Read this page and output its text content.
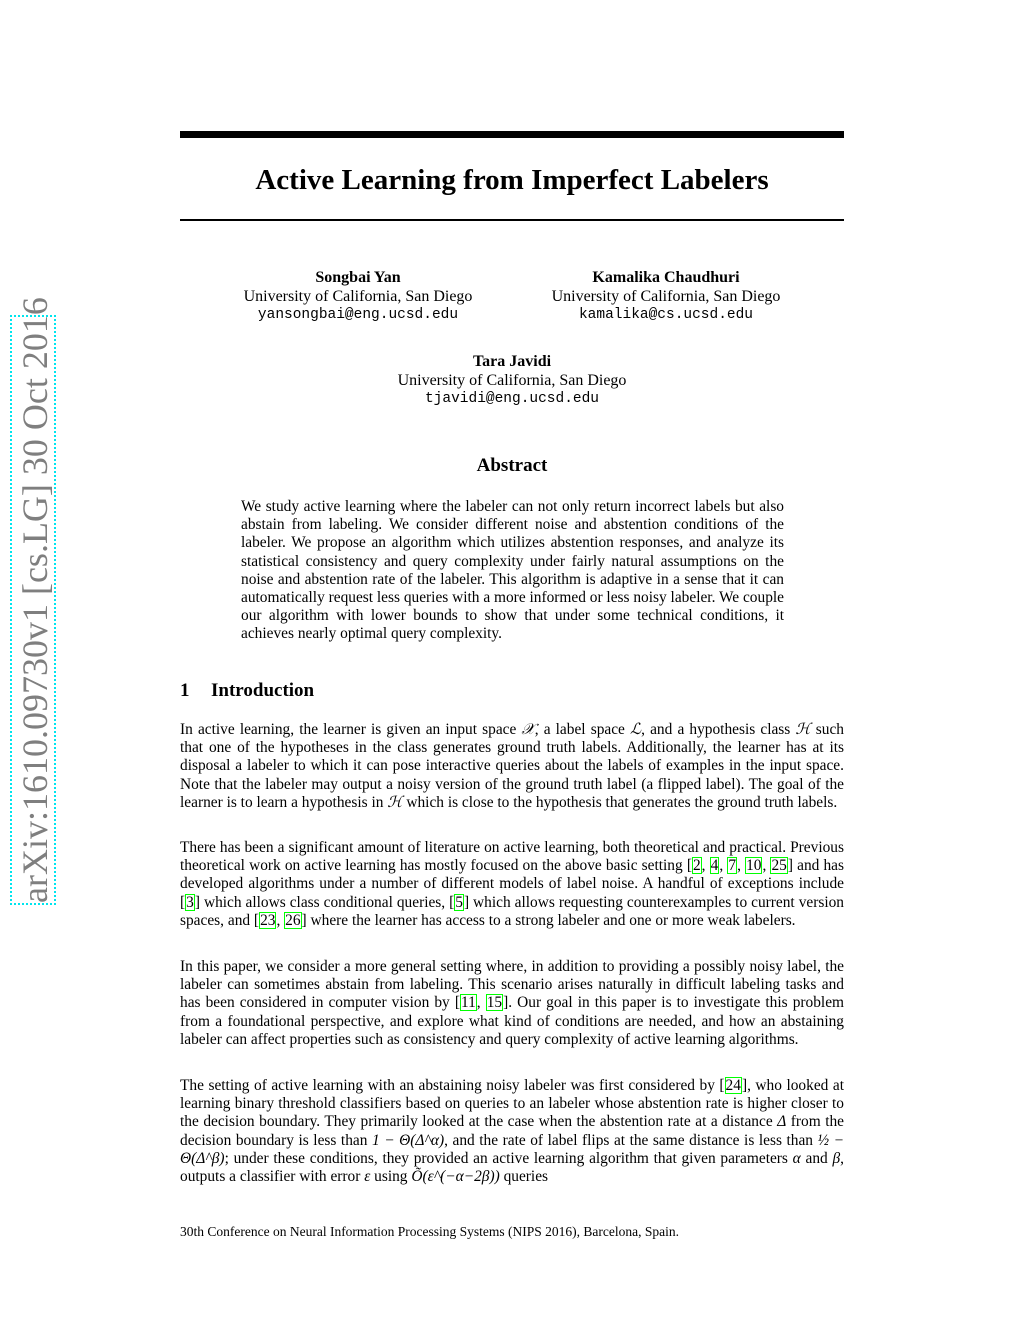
arXiv:1610.09730v1 [cs.LG] 30 Oct 2016
Active Learning from Imperfect Labelers
Songbai Yan
University of California, San Diego
yansongbai@eng.ucsd.edu
Kamalika Chaudhuri
University of California, San Diego
kamalika@cs.ucsd.edu
Tara Javidi
University of California, San Diego
tjavidi@eng.ucsd.edu
Abstract

We study active learning where the labeler can not only return incorrect labels but also abstain from labeling. We consider different noise and abstention conditions of the labeler. We propose an algorithm which utilizes abstention responses, and analyze its statistical consistency and query complexity under fairly natural assumptions on the noise and abstention rate of the labeler. This algorithm is adaptive in a sense that it can automatically request less queries with a more informed or less noisy labeler. We couple our algorithm with lower bounds to show that under some technical conditions, it achieves nearly optimal query complexity.

1 Introduction

In active learning, the learner is given an input space 𝒳, a label space ℒ, and a hypothesis class ℋ such that one of the hypotheses in the class generates ground truth labels. Additionally, the learner has at its disposal a labeler to which it can pose interactive queries about the labels of examples in the input space. Note that the labeler may output a noisy version of the ground truth label (a flipped label). The goal of the learner is to learn a hypothesis in ℋ which is close to the hypothesis that generates the ground truth labels.

There has been a significant amount of literature on active learning, both theoretical and practical. Previous theoretical work on active learning has mostly focused on the above basic setting [2, 4, 7, 10, 25] and has developed algorithms under a number of different models of label noise. A handful of exceptions include [3] which allows class conditional queries, [5] which allows requesting counterexamples to current version spaces, and [23, 26] where the learner has access to a strong labeler and one or more weak labelers.

In this paper, we consider a more general setting where, in addition to providing a possibly noisy label, the labeler can sometimes abstain from labeling. This scenario arises naturally in difficult labeling tasks and has been considered in computer vision by [11, 15]. Our goal in this paper is to investigate this problem from a foundational perspective, and explore what kind of conditions are needed, and how an abstaining labeler can affect properties such as consistency and query complexity of active learning algorithms.

The setting of active learning with an abstaining noisy labeler was first considered by [24], who looked at learning binary threshold classifiers based on queries to an labeler whose abstention rate is higher closer to the decision boundary. They primarily looked at the case when the abstention rate at a distance Δ from the decision boundary is less than 1 − Θ(Δ^α), and the rate of label flips at the same distance is less than ½ − Θ(Δ^β); under these conditions, they provided an active learning algorithm that given parameters α and β, outputs a classifier with error ε using Õ(ε^(−α−2β)) queries

30th Conference on Neural Information Processing Systems (NIPS 2016), Barcelona, Spain.
